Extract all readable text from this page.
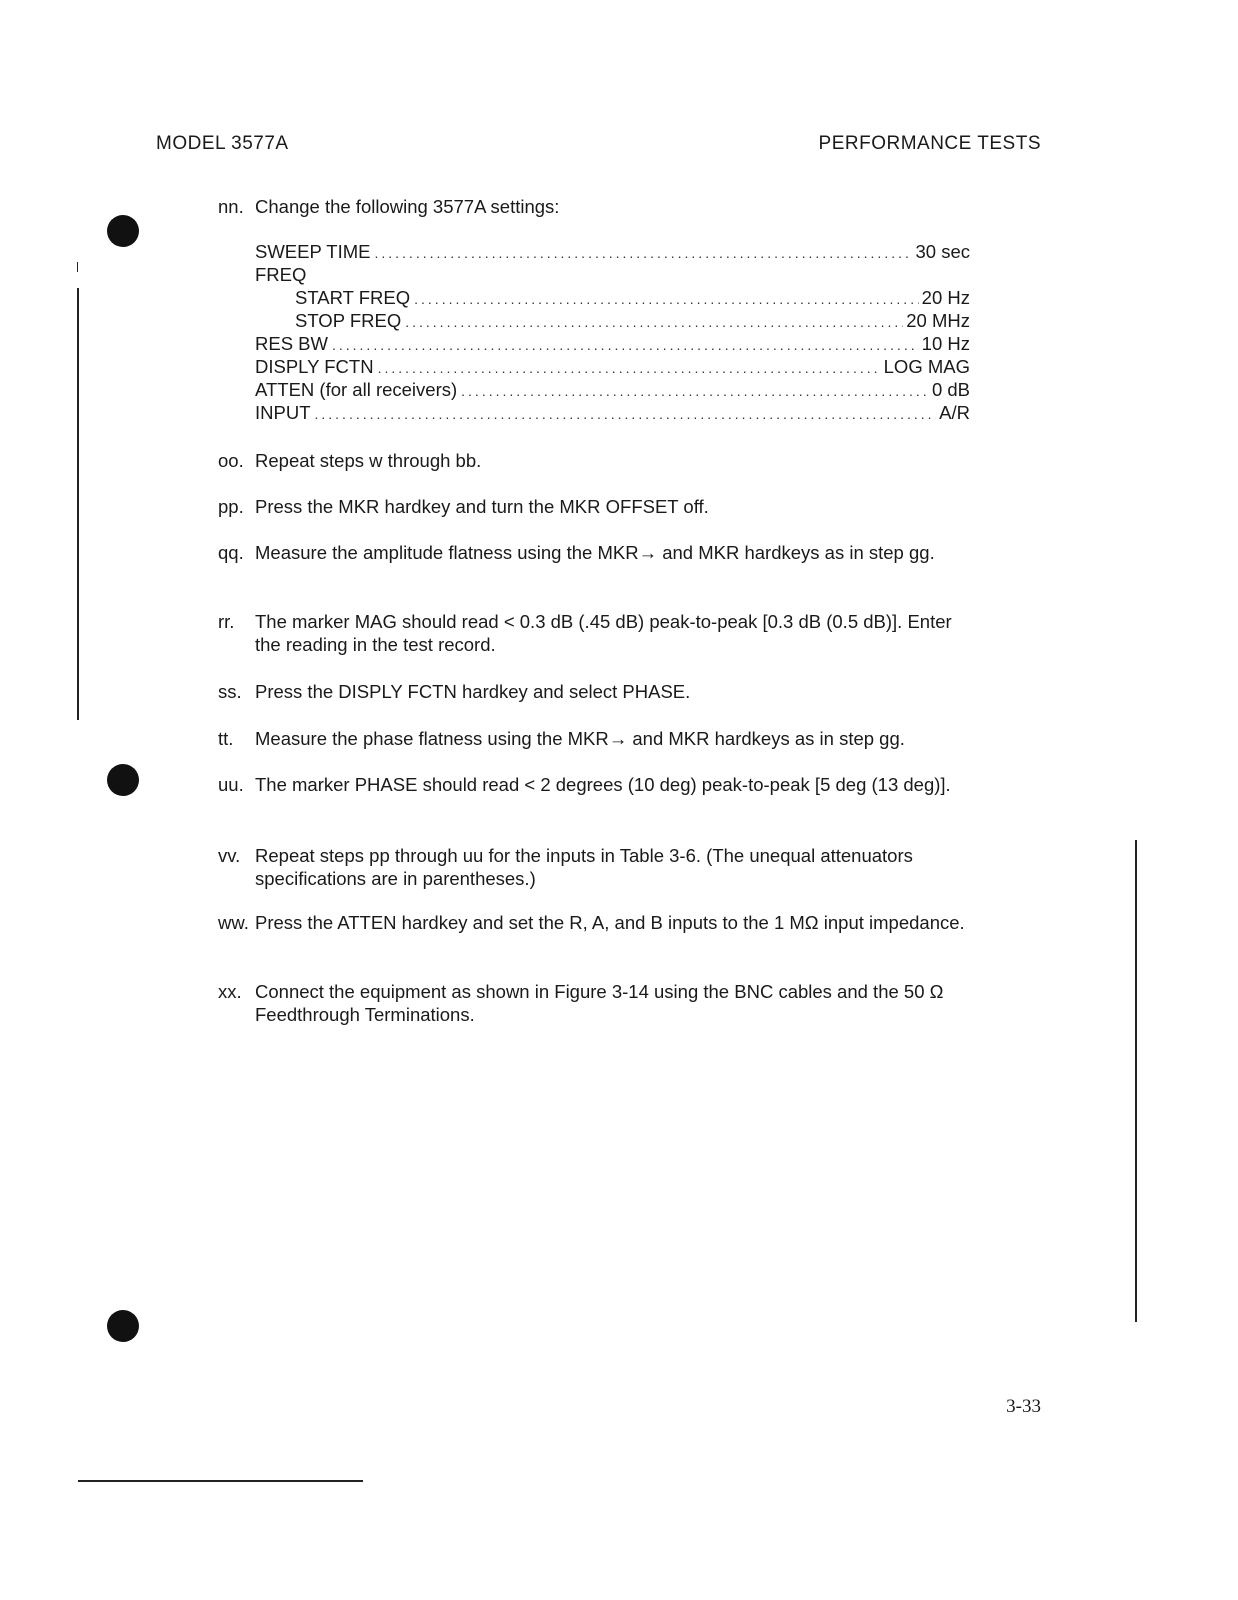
MODEL 3577A	PERFORMANCE TESTS
nn. Change the following 3577A settings:
SWEEP TIME .....	30 sec
FREQ
START FREQ .....	20 Hz
STOP FREQ .....	20 MHz
RES BW .....	10 Hz
DISPLY FCTN .....	LOG MAG
ATTEN (for all receivers) .....	0 dB
INPUT .....	A/R
oo. Repeat steps w through bb.
pp. Press the MKR hardkey and turn the MKR OFFSET off.
qq. Measure the amplitude flatness using the MKR→ and MKR hardkeys as in step gg.
rr. The marker MAG should read < 0.3 dB (.45 dB) peak-to-peak [0.3 dB (0.5 dB)]. Enter the reading in the test record.
ss. Press the DISPLY FCTN hardkey and select PHASE.
tt. Measure the phase flatness using the MKR→ and MKR hardkeys as in step gg.
uu. The marker PHASE should read < 2 degrees (10 deg) peak-to-peak [5 deg (13 deg)].
vv. Repeat steps pp through uu for the inputs in Table 3-6. (The unequal attenuators specifications are in parentheses.)
ww. Press the ATTEN hardkey and set the R, A, and B inputs to the 1 MΩ input impedance.
xx. Connect the equipment as shown in Figure 3-14 using the BNC cables and the 50 Ω Feedthrough Terminations.
3-33
